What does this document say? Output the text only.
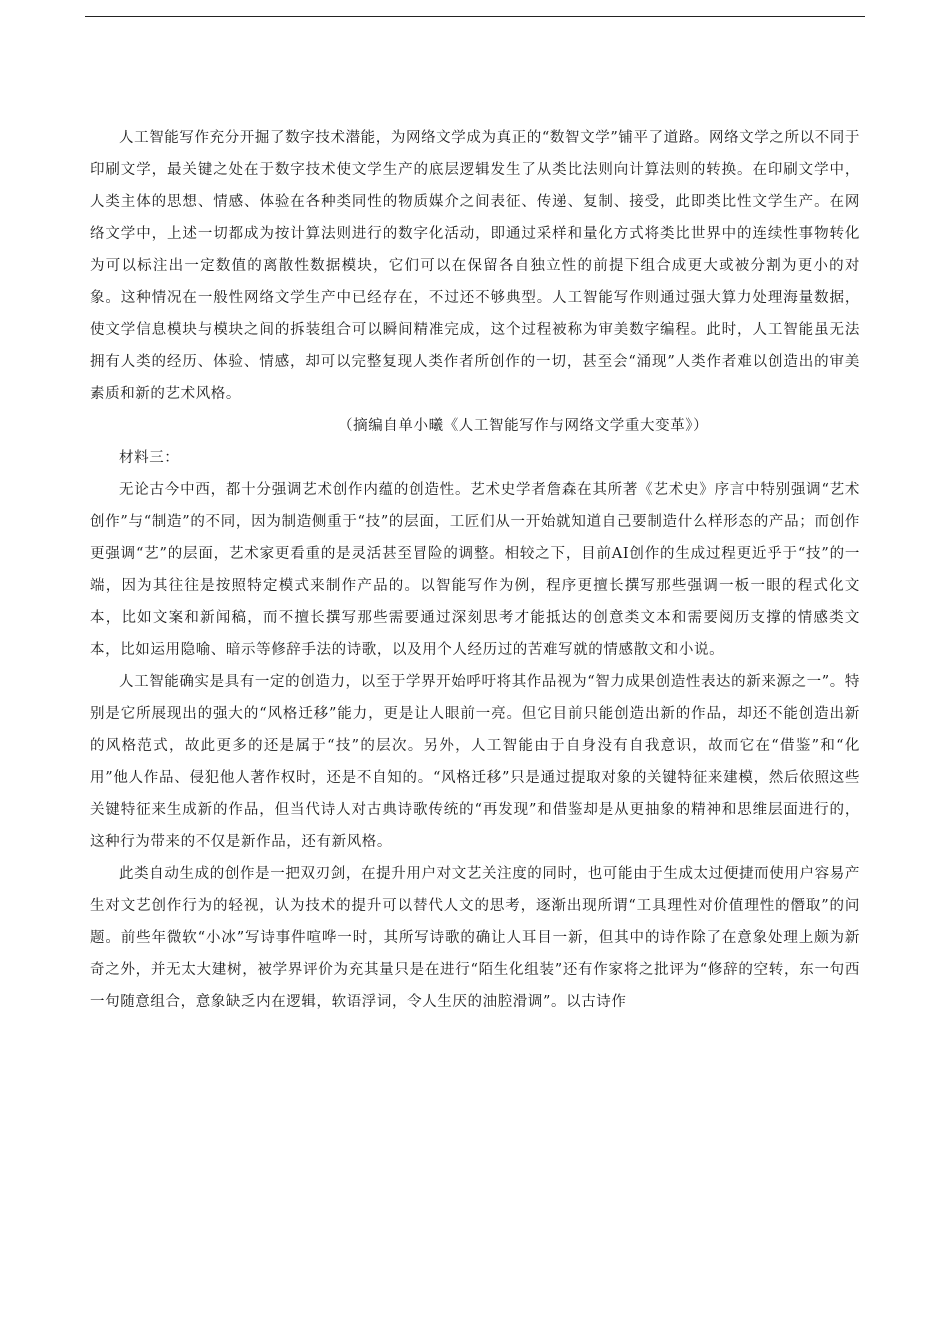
人工智能写作充分开掘了数字技术潜能，为网络文学成为真正的“数智文学”铺平了道路。网络文学之所以不同于印刷文学，最关键之处在于数字技术使文学生产的底层逻辑发生了从类比法则向计算法则的转换。在印刷文学中，人类主体的思想、情感、体验在各种类同性的物质媒介之间表征、传递、复制、接受，此即类比性文学生产。在网络文学中，上述一切都成为按计算法则进行的数字化活动，即通过采样和量化方式将类比世界中的连续性事物转化为可以标注出一定数值的离散性数据模块，它们可以在保留各自独立性的前提下组合成更大或被分割为更小的对象。这种情况在一般性网络文学生产中已经存在，不过还不够典型。人工智能写作则通过强大算力处理海量数据，使文学信息模块与模块之间的拆装组合可以瞬间精准完成，这个过程被称为审美数字编程。此时，人工智能虽无法拥有人类的经历、体验、情感，却可以完整复现人类作者所创作的一切，甚至会“涌现”人类作者难以创造出的审美素质和新的艺术风格。

（摘编自单小曦《人工智能写作与网络文学重大变革》）

材料三：

无论古今中西，都十分强调艺术创作内蕴的创造性。艺术史学者詹森在其所著《艺术史》序言中特别强调“艺术创作”与“制造”的不同，因为制造侧重于“技”的层面，工匠们从一开始就知道自己要制造什么样形态的产品；而创作更强调“艺”的层面，艺术家更看重的是灵活甚至冒险的调整。相较之下，目前AI创作的生成过程更近乎于“技”的一端，因为其往往是按照特定模式来制作产品的。以智能写作为例，程序更擅长撰写那些强调一板一眼的程式化文本，比如文案和新闻稿，而不擅长撰写那些需要通过深刻思考才能抵达的创意类文本和需要阅历支撑的情感类文本，比如运用隐喻、暗示等修辞手法的诗歌，以及用个人经历过的苦难写就的情感散文和小说。

人工智能确实是具有一定的创造力，以至于学界开始呼吁将其作品视为“智力成果创造性表达的新来源之一”。特别是它所展现出的强大的“风格迁移”能力，更是让人眼前一亮。但它目前只能创造出新的作品，却还不能创造出新的风格范式，故此更多的还是属于“技”的层次。另外，人工智能由于自身没有自我意识，故而它在“借鉴”和“化用”他人作品、侵犯他人著作权时，还是不自知的。“风格迁移”只是通过提取对象的关键特征来建模，然后依照这些关键特征来生成新的作品，但当代诗人对古典诗歌传统的“再发现”和借鉴却是从更抽象的精神和思维层面进行的，这种行为带来的不仅是新作品，还有新风格。

此类自动生成的创作是一把双刃剑，在提升用户对文艺关注度的同时，也可能由于生成太过便捷而使用户容易产生对文艺创作行为的轻视，认为技术的提升可以替代人文的思考，逐渐出现所谓“工具理性对价值理性的僭取”的问题。前些年微软“小冰”写诗事件喧哗一时，其所写诗歌的确让人耳目一新，但其中的诗作除了在意象处理上颇为新奇之外，并无太大建树，被学界评价为充其量只是在进行“陌生化组装”还有作家将之批评为“修辞的空转，东一句西一句随意组合，意象缺乏内在逻辑，软语浮词，令人生厌的油腔滑调”。以古诗作
